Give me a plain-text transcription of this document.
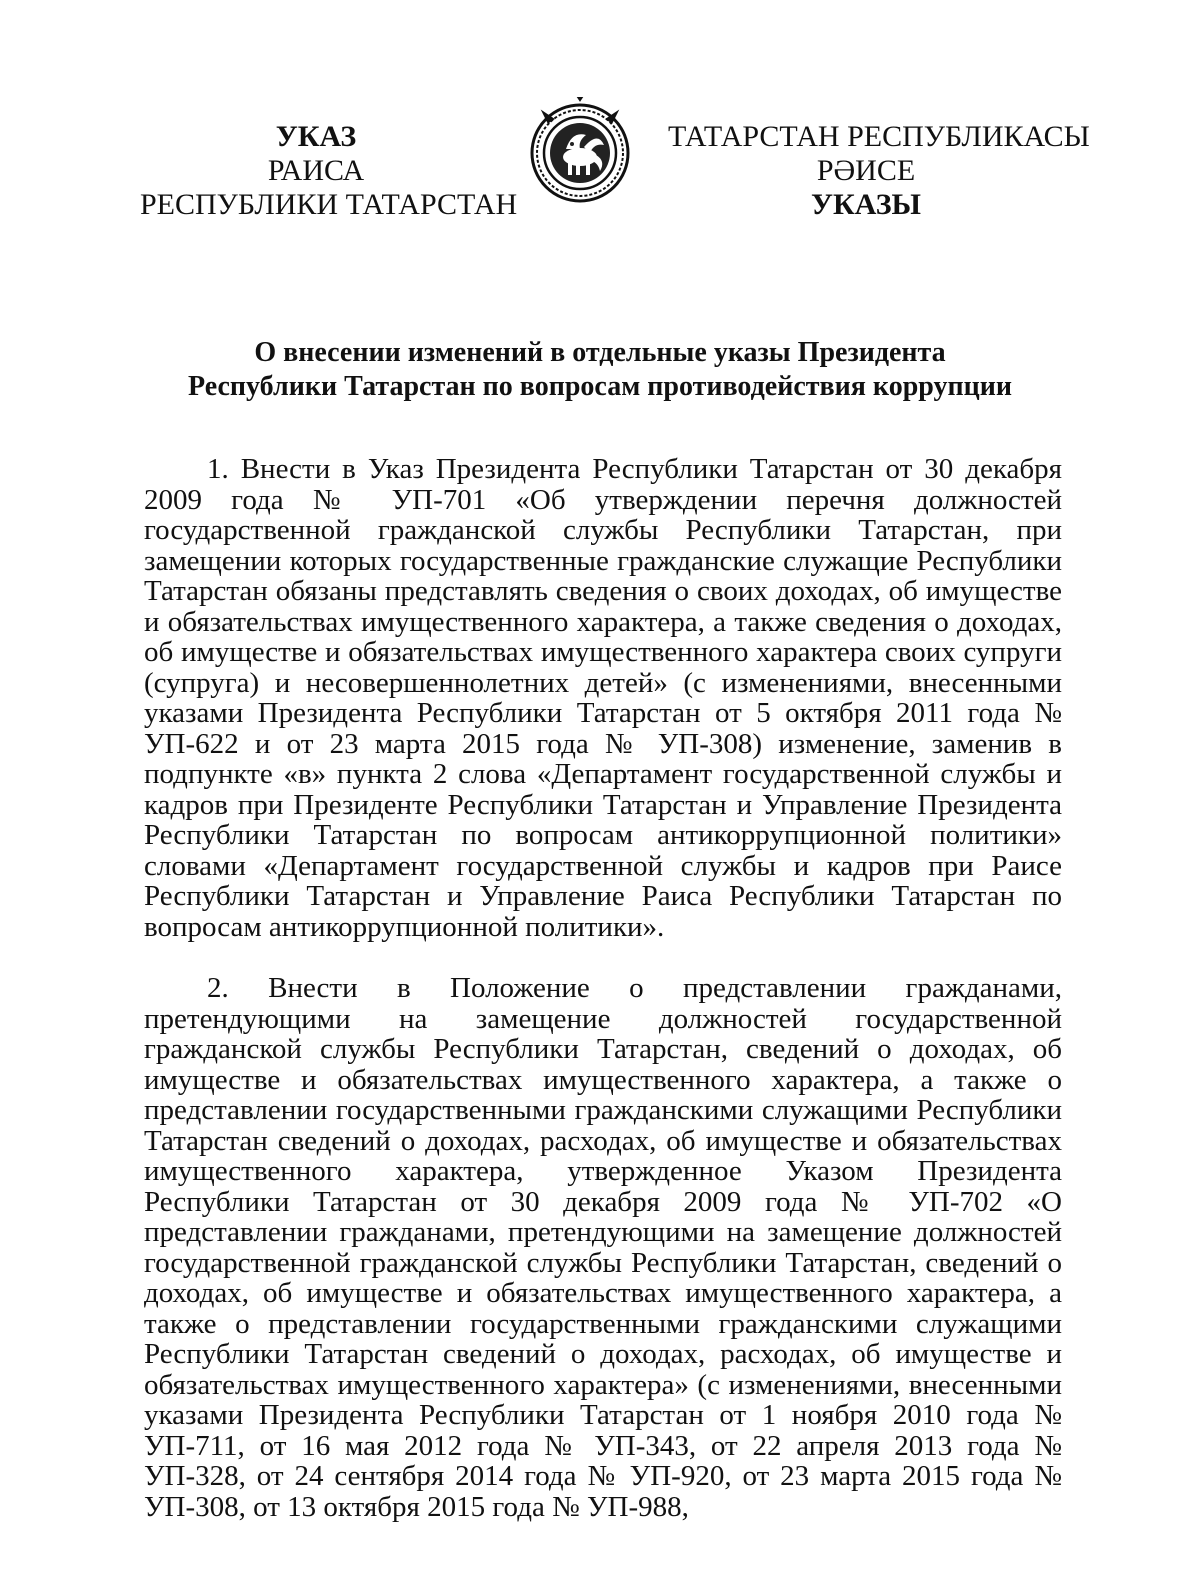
УКАЗ
РАИСА
РЕСПУБЛИКИ ТАТАРСТАН
ТАТАРСТАН РЕСПУБЛИКАСЫ
РӘИСЕ
УКАЗЫ
О внесении изменений в отдельные указы Президента
Республики Татарстан по вопросам противодействия коррупции

1. Внести в Указ Президента Республики Татарстан от 30 декабря 2009 года № УП-701 «Об утверждении перечня должностей государственной гражданской службы Республики Татарстан, при замещении которых государственные гражданские служащие Республики Татарстан обязаны представлять сведения о своих доходах, об имуществе и обязательствах имущественного характера, а также сведения о доходах, об имуществе и обязательствах имущественного характера своих супруги (супруга) и несовершеннолетних детей» (с изменениями, внесенными указами Президента Республики Татарстан от 5 октября 2011 года № УП-622 и от 23 марта 2015 года № УП-308) изменение, заменив в подпункте «в» пункта 2 слова «Департамент государственной службы и кадров при Президенте Республики Татарстан и Управление Президента Республики Татарстан по вопросам антикоррупционной политики» словами «Департамент государственной службы и кадров при Раисе Республики Татарстан и Управление Раиса Республики Татарстан по вопросам антикоррупционной политики».

2. Внести в Положение о представлении гражданами, претендующими на замещение должностей государственной гражданской службы Республики Татарстан, сведений о доходах, об имуществе и обязательствах имущественного характера, а также о представлении государственными гражданскими служащими Республики Татарстан сведений о доходах, расходах, об имуществе и обязательствах имущественного характера, утвержденное Указом Президента Республики Татарстан от 30 декабря 2009 года № УП-702 «О представлении гражданами, претендующими на замещение должностей государственной гражданской службы Республики Татарстан, сведений о доходах, об имуществе и обязательствах имущественного характера, а также о представлении государственными гражданскими служащими Республики Татарстан сведений о доходах, расходах, об имуществе и обязательствах имущественного характера» (с изменениями, внесенными указами Президента Республики Татарстан от 1 ноября 2010 года № УП-711, от 16 мая 2012 года № УП-343, от 22 апреля 2013 года № УП-328, от 24 сентября 2014 года № УП-920, от 23 марта 2015 года № УП-308, от 13 октября 2015 года № УП-988,
